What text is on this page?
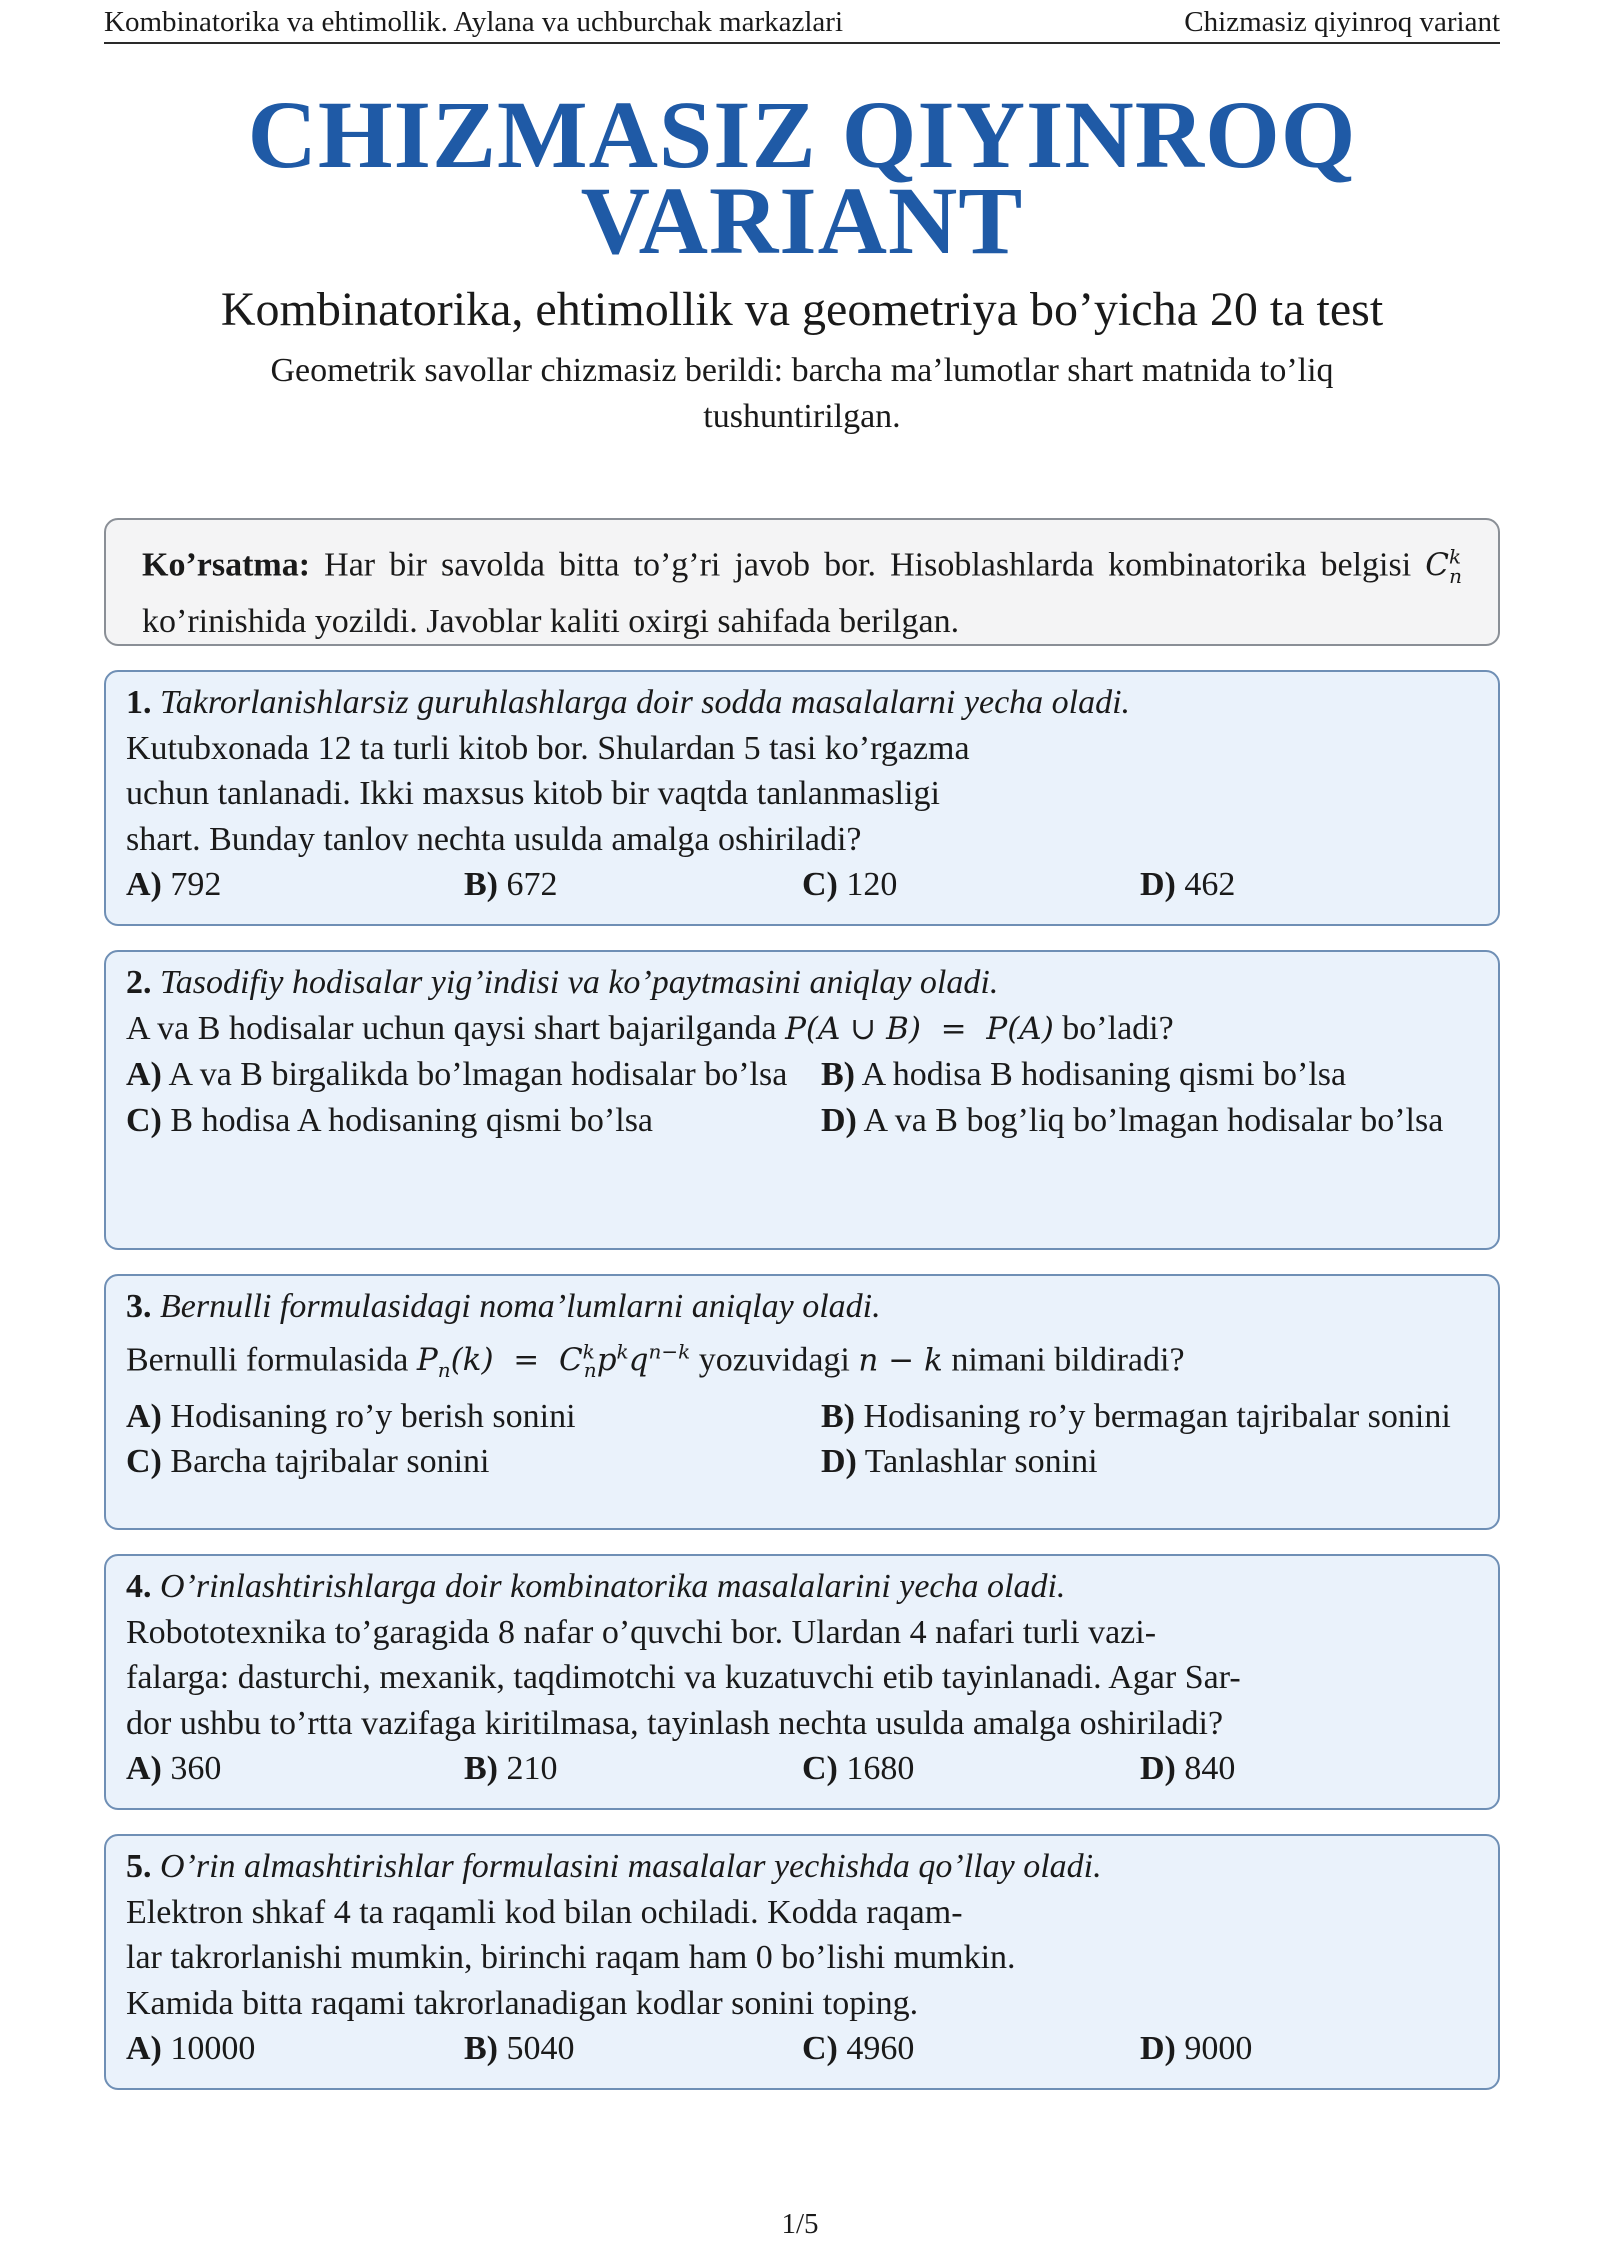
Kombinatorika va ehtimollik. Aylana va uchburchak markazlari	Chizmasiz qiyinroq variant
CHIZMASIZ QIYINROQ
VARIANT
Kombinatorika, ehtimollik va geometriya bo’yicha 20 ta test
Geometrik savollar chizmasiz berildi: barcha ma’lumotlar shart matnida to’liq tushuntirilgan.
Ko’rsatma: Har bir savolda bitta to’g’ri javob bor. Hisoblashlarda kombinatorika belgisi $C^k_n$ ko’rinishida yozildi. Javoblar kaliti oxirgi sahifada berilgan.
1. Takrorlanishlarsiz guruhlashlarga doir sodda masalalarni yecha oladi.
Kutubxonada 12 ta turli kitob bor. Shulardan 5 tasi ko’rgazma
uchun tanlanadi. Ikki maxsus kitob bir vaqtda tanlanmasligi
shart. Bunday tanlov nechta usulda amalga oshiriladi?
A) 792	B) 672	C) 120	D) 462
2. Tasodifiy hodisalar yig’indisi va ko’paytmasini aniqlay oladi.
A va B hodisalar uchun qaysi shart bajarilganda P(A ∪ B)  =  P(A) bo’ladi?
A) A va B birgalikda bo’lmagan hodisalar bo’lsa B) A hodisa B hodisaning qismi bo’lsa
C) B hodisa A hodisaning qismi bo’lsa	D) A va B bog’liq bo’lmagan hodisalar bo’lsa
3. Bernulli formulasidagi noma’lumlarni aniqlay oladi.
Bernulli formulasida $P_n(k) = C^k_np^kq^{n-k}$ yozuvidagi n − k nimani bildiradi?
A) Hodisaning ro’y berish sonini	B) Hodisaning ro’y bermagan tajribalar sonini
C) Barcha tajribalar sonini	D) Tanlashlar sonini
4. O’rinlashtirishlarga doir kombinatorika masalalarini yecha oladi.
Robototexnika to’garagida 8 nafar o’quvchi bor. Ulardan 4 nafari turli vazi-
falarga: dasturchi, mexanik, taqdimotchi va kuzatuvchi etib tayinlanadi. Agar Sar-
dor ushbu to’rtta vazifaga kiritilmasa, tayinlash nechta usulda amalga oshiriladi?
A) 360	B) 210	C) 1680	D) 840
5. O’rin almashtirishlar formulasini masalalar yechishda qo’llay oladi.
Elektron shkaf 4 ta raqamli kod bilan ochiladi. Kodda raqam-
lar takrorlanishi mumkin, birinchi raqam ham 0 bo’lishi mumkin.
Kamida bitta raqami takrorlanadigan kodlar sonini toping.
A) 10000	B) 5040	C) 4960	D) 9000
1/5
